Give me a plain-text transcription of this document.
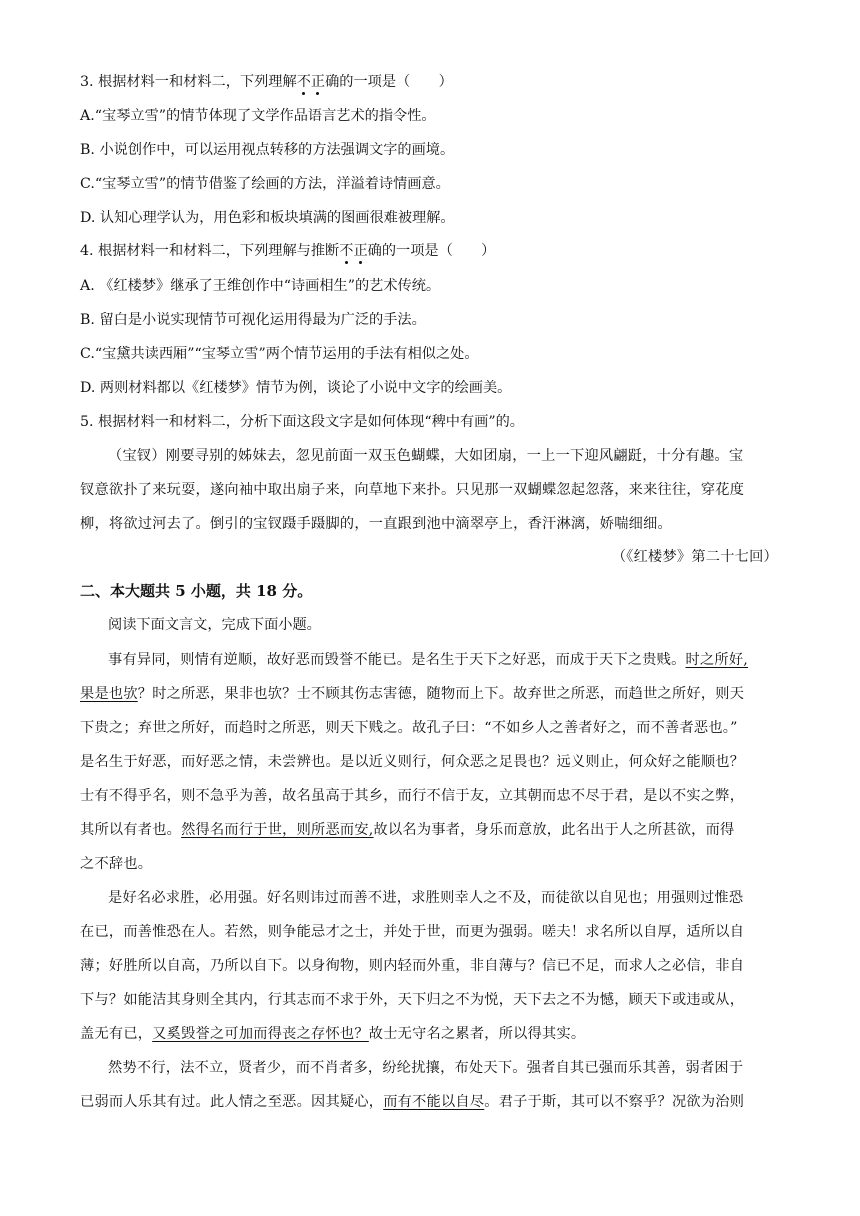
3. 根据材料一和材料二，下列理解不正确的一项是（　　）
A.“宝琴立雪”的情节体现了文学作品语言艺术的指令性。
B. 小说创作中，可以运用视点转移的方法强调文字的画境。
C.“宝琴立雪”的情节借鉴了绘画的方法，洋溢着诗情画意。
D. 认知心理学认为，用色彩和板块填满的图画很难被理解。
4. 根据材料一和材料二，下列理解与推断不正确的一项是（　　）
A. 《红楼梦》继承了王维创作中“诗画相生”的艺术传统。
B. 留白是小说实现情节可视化运用得最为广泛的手法。
C.“宝黛共读西厢”“宝琴立雪”两个情节运用的手法有相似之处。
D. 两则材料都以《红楼梦》情节为例，谈论了小说中文字的绘画美。
5. 根据材料一和材料二，分析下面这段文字是如何体现“稗中有画”的。
（宝钗）刚要寻别的姊妹去，忽见前面一双玉色蝴蝶，大如团扇，一上一下迎风翩跹，十分有趣。宝
钗意欲扑了来玩耍，遂向袖中取出扇子来，向草地下来扑。只见那一双蝴蝶忽起忽落，来来往往，穿花度
柳，将欲过河去了。倒引的宝钗蹑手蹑脚的，一直跟到池中滴翠亭上，香汗淋漓，娇喘细细。
（《红楼梦》第二十七回）
二、本大题共 5 小题，共 18 分。
阅读下面文言文，完成下面小题。
事有异同，则情有逆顺，故好恶而毁誉不能已。是名生于天下之好恶，而成于天下之贵贱。时之所好,
果是也欤？时之所恶，果非也欤？士不顾其伤志害德，随物而上下。故弃世之所恶，而趋世之所好，则天
下贵之；弃世之所好，而趋时之所恶，则天下贱之。故孔子曰：“不如乡人之善者好之，而不善者恶也。”
是名生于好恶，而好恶之情，未尝辨也。是以近义则行，何众恶之足畏也？远义则止，何众好之能顺也？
士有不得乎名，则不急乎为善，故名虽高于其乡，而行不信于友，立其朝而忠不尽于君，是以不实之弊，
其所以有者也。然得名而行于世，则所恶而安,故以名为事者，身乐而意放，此名出于人之所甚欲，而得
之不辞也。
是好名必求胜，必用强。好名则讳过而善不进，求胜则幸人之不及，而徒欲以自见也；用强则过惟恐
在已，而善惟恐在人。若然，则争能忌才之士，并处于世，而更为强弱。嗟夫！求名所以自厚，适所以自
薄；好胜所以自高，乃所以自下。以身徇物，则内轻而外重，非自薄与？信已不足，而求人之必信，非自
下与？如能洁其身则全其内，行其志而不求于外，天下归之不为悦，天下去之不为憾，顾天下或违或从，
盖无有已，又奚毁誉之可加而得丧之存怀也？故士无守名之累者，所以得其实。
然势不行，法不立，贤者少，而不肖者多，纷纶扰攘，布处天下。强者自其已强而乐其善，弱者困于
已弱而人乐其有过。此人情之至恶。因其疑心，而有不能以自尽。君子于斯，其可以不察乎？况欲为治则
